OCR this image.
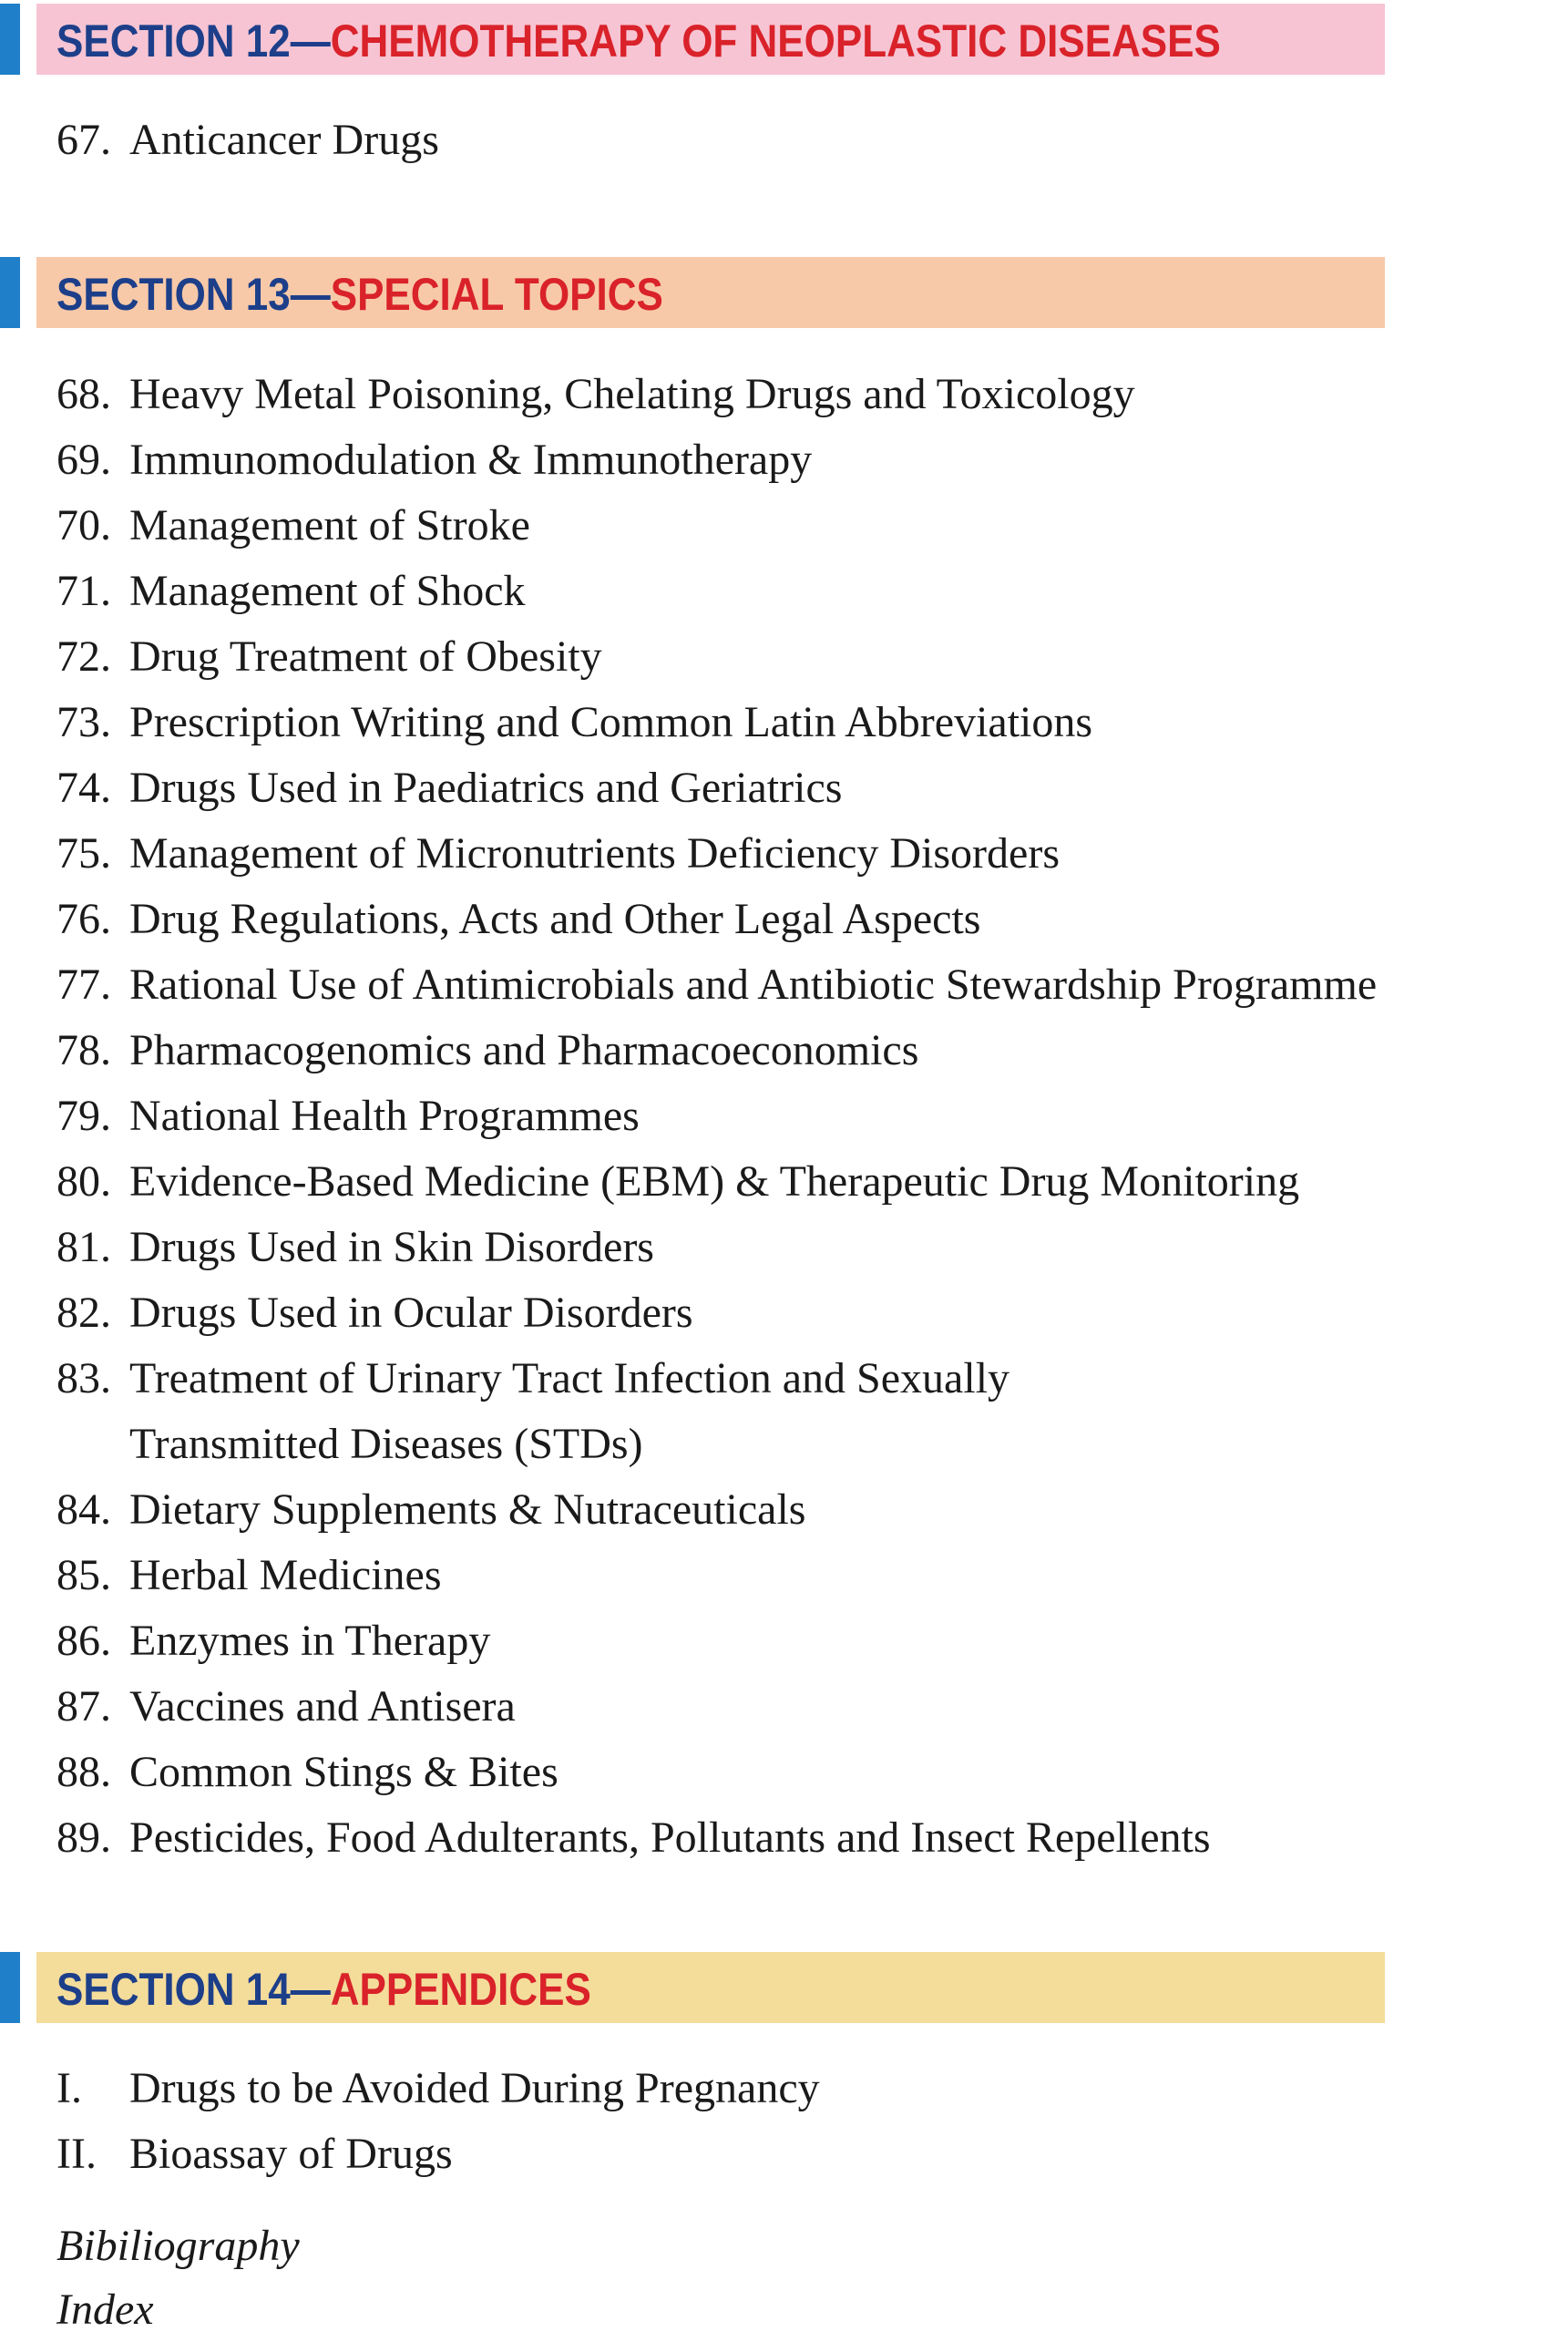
SECTION 12—CHEMOTHERAPY OF NEOPLASTIC DISEASES
67. Anticancer Drugs
SECTION 13—SPECIAL TOPICS
68. Heavy Metal Poisoning, Chelating Drugs and Toxicology
69. Immunomodulation & Immunotherapy
70. Management of Stroke
71. Management of Shock
72. Drug Treatment of Obesity
73. Prescription Writing and Common Latin Abbreviations
74. Drugs Used in Paediatrics and Geriatrics
75. Management of Micronutrients Deficiency Disorders
76. Drug Regulations, Acts and Other Legal Aspects
77. Rational Use of Antimicrobials and Antibiotic Stewardship Programme
78. Pharmacogenomics and Pharmacoeconomics
79. National Health Programmes
80. Evidence-Based Medicine (EBM) & Therapeutic Drug Monitoring
81. Drugs Used in Skin Disorders
82. Drugs Used in Ocular Disorders
83. Treatment of Urinary Tract Infection and Sexually Transmitted Diseases (STDs)
84. Dietary Supplements & Nutraceuticals
85. Herbal Medicines
86. Enzymes in Therapy
87. Vaccines and Antisera
88. Common Stings & Bites
89. Pesticides, Food Adulterants, Pollutants and Insect Repellents
SECTION 14—APPENDICES
I. Drugs to be Avoided During Pregnancy
II. Bioassay of Drugs
Bibiliography
Index
